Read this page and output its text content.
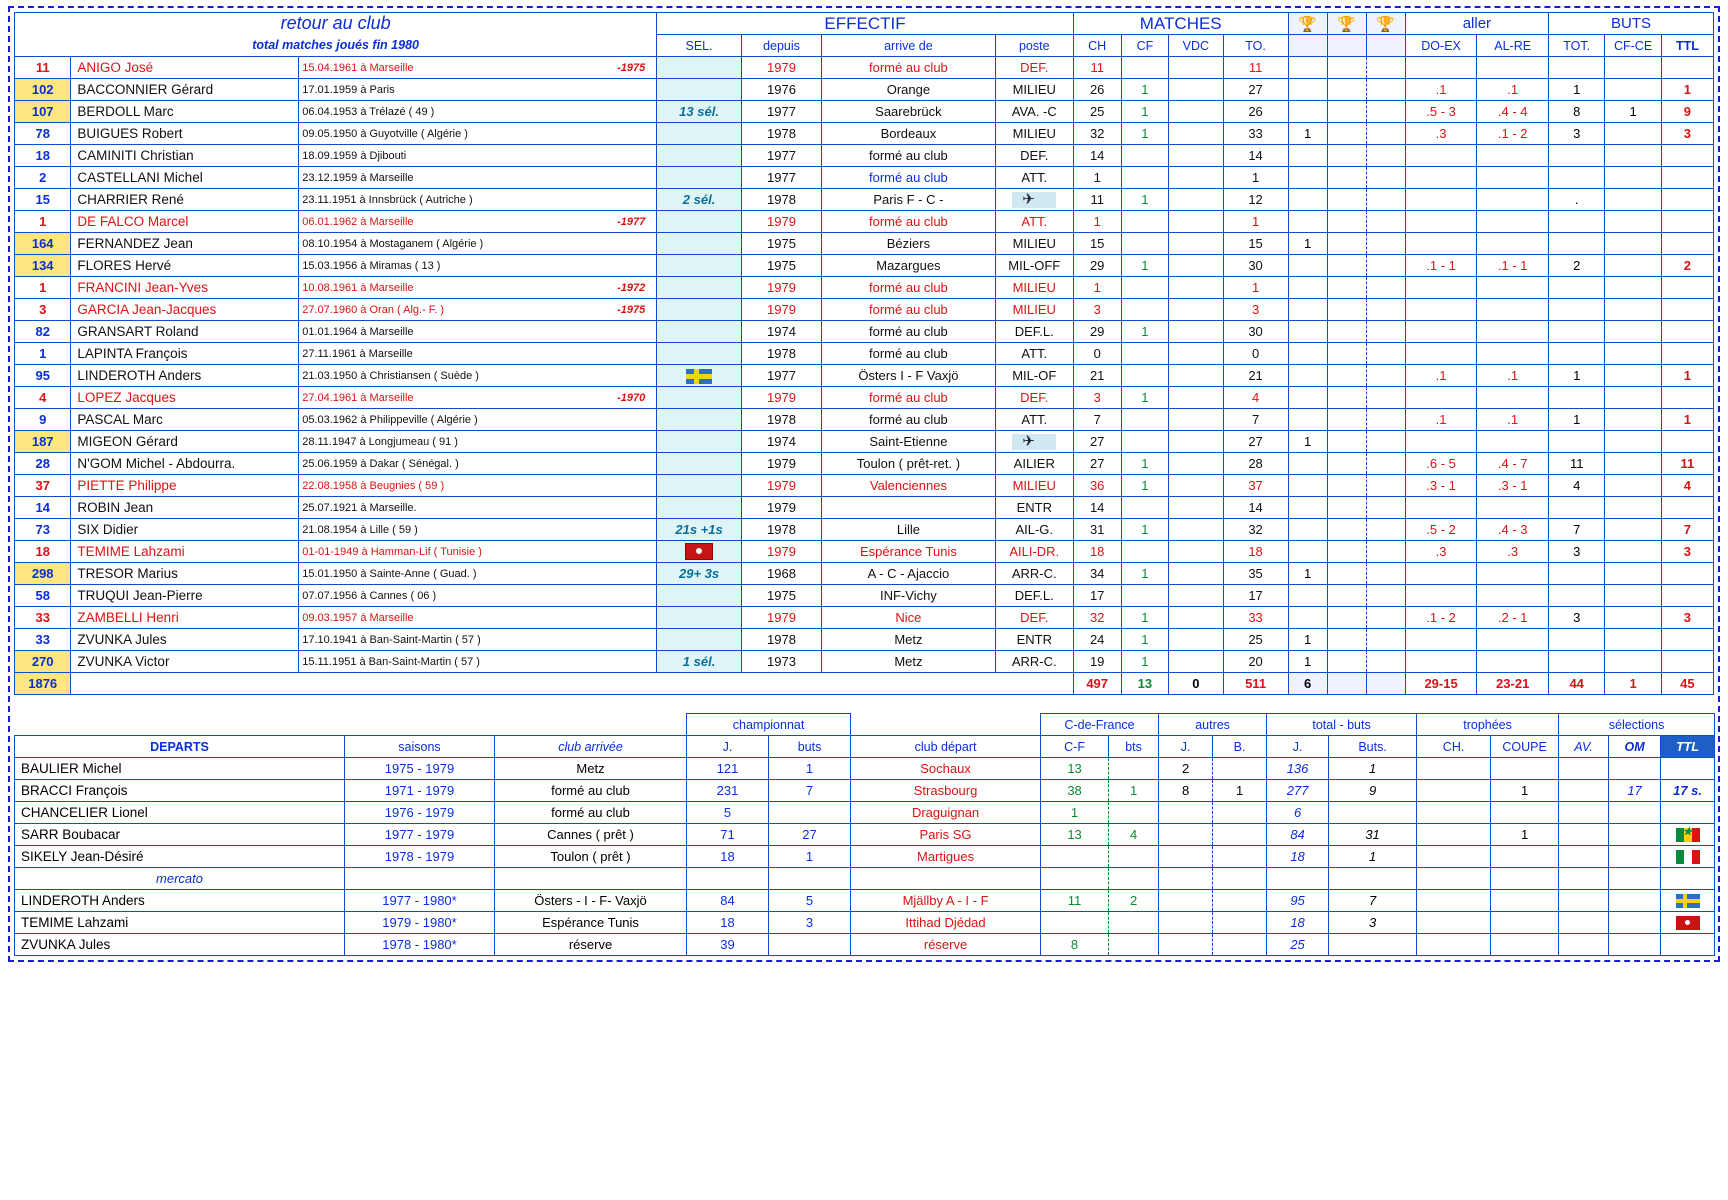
retour au club			EFFECTIF				MATCHES				🏆	🏆	🏆	aller		BUTS		
total matches joués fin 1980			SEL.	depuis	arrive de	poste	CH	CF	VDC	TO.				DO-EX	AL-RE	TOT.	CF-CE	TTL
11	ANIGO José	15.04.1961 à Marseille -1975		1979	formé au club	DEF.	11			11								
102	BACCONNIER Gérard	17.01.1959 à Paris		1976	Orange	MILIEU	26	1		27				.1	.1	1		1
107	BERDOLL Marc	06.04.1953 à Trélazé ( 49 )	13 sél.	1977	Saarebrück	AVA. -C	25	1		26				.5 - 3	.4 - 4	8	1	9
78	BUIGUES Robert	09.05.1950 à Guyotville ( Algérie )		1978	Bordeaux	MILIEU	32	1		33	1			.3	.1 - 2	3		3
18	CAMINITI Christian	18.09.1959 à Djibouti		1977	formé au club	DEF.	14			14								
2	CASTELLANI Michel	23.12.1959 à Marseille		1977	formé au club	ATT.	1			1								
15	CHARRIER René	23.11.1951 à Innsbrück ( Autriche )	2 sél.	1978	Paris F - C -	✈	11	1		12						.		
1	DE FALCO Marcel	06.01.1962 à Marseille -1977		1979	formé au club	ATT.	1			1								
164	FERNANDEZ Jean	08.10.1954 à Mostaganem ( Algérie )		1975	Béziers	MILIEU	15			15	1							
134	FLORES Hervé	15.03.1956 à Miramas ( 13 )		1975	Mazargues	MIL-OFF	29	1		30				.1 - 1	.1 - 1	2		2
1	FRANCINI Jean-Yves	10.08.1961 à Marseille -1972		1979	formé au club	MILIEU	1			1								
3	GARCIA Jean-Jacques	27.07.1960 à Oran ( Alg.- F. ) -1975		1979	formé au club	MILIEU	3			3								
82	GRANSART Roland	01.01.1964 à Marseille		1974	formé au club	DEF.L.	29	1		30								
1	LAPINTA François	27.11.1961 à Marseille		1978	formé au club	ATT.	0			0								
95	LINDEROTH Anders	21.03.1950 à Christiansen ( Suède )		1977	Östers I - F Vaxjö	MIL-OF	21			21				.1	.1	1		1
4	LOPEZ Jacques	27.04.1961 à Marseille -1970		1979	formé au club	DEF.	3	1		4								
9	PASCAL Marc	05.03.1962 à Philippeville ( Algérie )		1978	formé au club	ATT.	7			7				.1	.1	1		1
187	MIGEON Gérard	28.11.1947 à Longjumeau ( 91 )		1974	Saint-Etienne	✈	27			27	1							
28	N'GOM Michel - Abdourra.	25.06.1959 à Dakar ( Sénégal. )		1979	Toulon ( prêt-ret. )	AILIER	27	1		28				.6 - 5	.4 - 7	11		11
37	PIETTE Philippe	22.08.1958 à Beugnies ( 59 )		1979	Valenciennes	MILIEU	36	1		37				.3 - 1	.3 - 1	4		4
14	ROBIN Jean	25.07.1921 à Marseille.		1979		ENTR	14			14								
73	SIX Didier	21.08.1954 à Lille ( 59 )	21s +1s	1978	Lille	AIL-G.	31	1		32				.5 - 2	.4 - 3	7		7
18	TEMIME Lahzami	01-01-1949 à Hamman-Lif ( Tunisie )		1979	Espérance Tunis	AILI-DR.	18			18				.3	.3	3		3
298	TRESOR Marius	15.01.1950 à Sainte-Anne ( Guad. )	29+ 3s	1968	A - C - Ajaccio	ARR-C.	34	1		35	1							
58	TRUQUI Jean-Pierre	07.07.1956 à Cannes ( 06 )		1975	INF-Vichy	DEF.L.	17			17								
33	ZAMBELLI Henri	09.03.1957 à Marseille		1979	Nice	DEF.	32	1		33				.1 - 2	.2 - 1	3		3
33	ZVUNKA Jules	17.10.1941 à Ban-Saint-Martin ( 57 )		1978	Metz	ENTR	24	1		25	1							
270	ZVUNKA Victor	15.11.1951 à Ban-Saint-Martin ( 57 )	1 sél.	1973	Metz	ARR-C.	19	1		20	1							
1876							497	13	0	511	6			29-15	23-21	44	1	45
			championnat			C-de-France		autres		total - buts		trophées		sélections		
DEPARTS	saisons	club arrivée	J.	buts	club départ	C-F	bts	J.	B.	J.	Buts.	CH.	COUPE	AV.	OM	TTL
BAULIER Michel	1975 - 1979	Metz	121	1	Sochaux	13		2		136	1					
BRACCI François	1971 - 1979	formé au club	231	7	Strasbourg	38	1	8	1	277	9		1		17	17 s.
CHANCELIER Lionel	1976 - 1979	formé au club	5		Draguignan	1				6						
SARR Boubacar	1977 - 1979	Cannes ( prêt )	71	27	Paris SG	13	4			84	31		1			★
SIKELY Jean-Désiré	1978 - 1979	Toulon ( prêt )	18	1	Martigues					18	1					
mercato																
LINDEROTH Anders	1977 - 1980*	Östers - I - F- Vaxjö	84	5	Mjällby A - I - F	11	2			95	7					
TEMIME Lahzami	1979 - 1980*	Espérance Tunis	18	3	Ittihad Djédad					18	3					
ZVUNKA Jules	1978 - 1980*	réserve	39		réserve	8				25						
